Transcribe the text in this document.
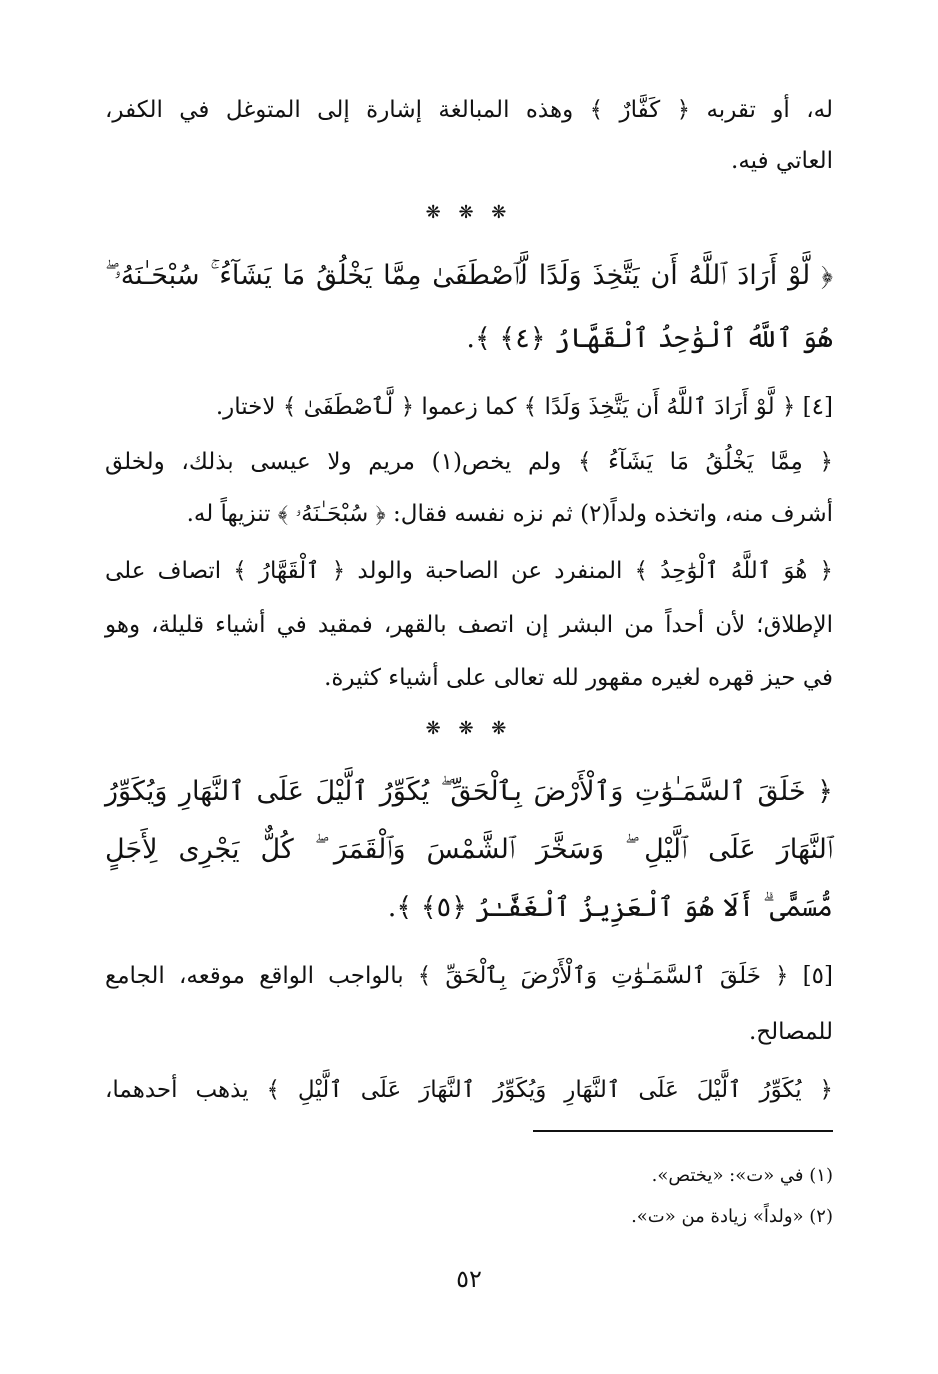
له، أو تقربه ﴿ كَفَّارٌ ﴾ وهذه المبالغة إشارة إلى المتوغل في الكفر،
العاتي فيه.
❋ ❋ ❋
﴿ لَّوْ أَرَادَ ٱللَّهُ أَن يَتَّخِذَ وَلَدًا لَّٱصْطَفَىٰ مِمَّا يَخْلُقُ مَا يَشَآءُ ۚ سُبْحَـٰنَهُۥ ۖ
هُوَ ٱللَّهُ ٱلْوَٰحِدُ ٱلْقَهَّارُ ﴿٤﴾ ﴾.
[٤] ﴿ لَّوْ أَرَادَ ٱللَّهُ أَن يَتَّخِذَ وَلَدًا ﴾ كما زعموا ﴿ لَّٱصْطَفَىٰ ﴾ لاختار.
﴿ مِمَّا يَخْلُقُ مَا يَشَآءُ ﴾ ولم يخص(١) مريم ولا عيسى بذلك، ولخلق
أشرف منه، واتخذه ولداً(٢) ثم نزه نفسه فقال: ﴿ سُبْحَـٰنَهُۥ ﴾ تنزيهاً له.
﴿ هُوَ ٱللَّهُ ٱلْوَٰحِدُ ﴾ المنفرد عن الصاحبة والولد ﴿ ٱلْقَهَّارُ ﴾ اتصاف على
الإطلاق؛ لأن أحداً من البشر إن اتصف بالقهر، فمقيد في أشياء قليلة، وهو
في حيز قهره لغيره مقهور لله تعالى على أشياء كثيرة.
❋ ❋ ❋
﴿ خَلَقَ ٱلسَّمَـٰوَٰتِ وَٱلْأَرْضَ بِٱلْحَقِّ ۖ يُكَوِّرُ ٱلَّيْلَ عَلَى ٱلنَّهَارِ وَيُكَوِّرُ
ٱلنَّهَارَ عَلَى ٱلَّيْلِ ۖ وَسَخَّرَ ٱلشَّمْسَ وَٱلْقَمَرَ ۖ كُلٌّ يَجْرِى لِأَجَلٍ
مُّسَمًّى ۗ أَلَا هُوَ ٱلْعَزِيزُ ٱلْغَفَّـٰرُ ﴿٥﴾ ﴾.
[٥] ﴿ خَلَقَ ٱلسَّمَـٰوَٰتِ وَٱلْأَرْضَ بِٱلْحَقِّ ﴾ بالواجب الواقع موقعه، الجامع
للمصالح.
﴿ يُكَوِّرُ ٱلَّيْلَ عَلَى ٱلنَّهَارِ وَيُكَوِّرُ ٱلنَّهَارَ عَلَى ٱلَّيْلِ ﴾ يذهب أحدهما،
(١) في «ت»: «يختص».
(٢) «ولداً» زيادة من «ت».
٥٢
